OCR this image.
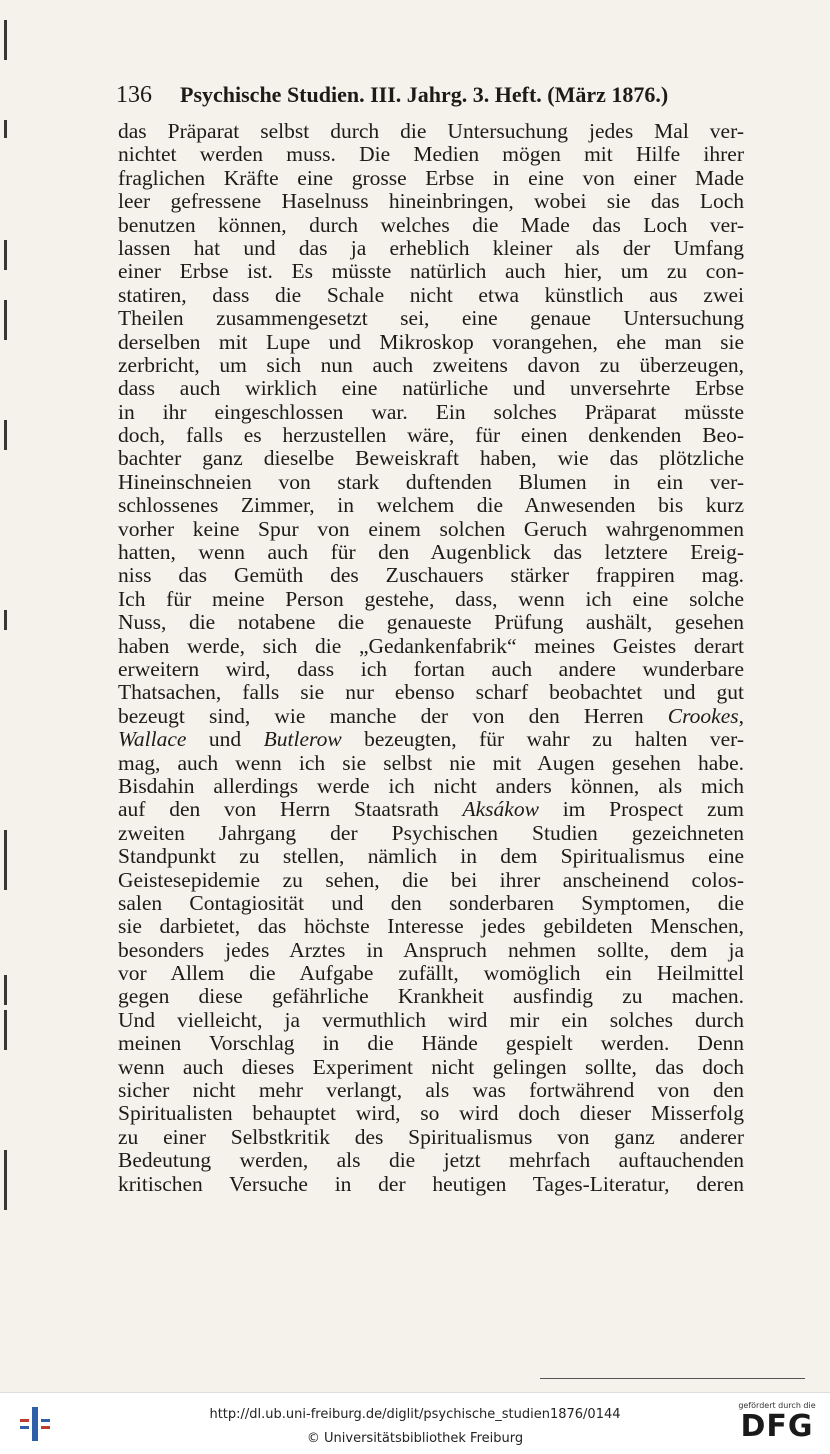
136 Psychische Studien. III. Jahrg. 3. Heft. (März 1876.)
das Präparat selbst durch die Untersuchung jedes Mal ver-
nichtet werden muss. Die Medien mögen mit Hilfe ihrer
fraglichen Kräfte eine grosse Erbse in eine von einer Made
leer gefressene Haselnuss hineinbringen, wobei sie das Loch
benutzen können, durch welches die Made das Loch ver-
lassen hat und das ja erheblich kleiner als der Umfang
einer Erbse ist. Es müsste natürlich auch hier, um zu con-
statiren, dass die Schale nicht etwa künstlich aus zwei
Theilen zusammengesetzt sei, eine genaue Untersuchung
derselben mit Lupe und Mikroskop vorangehen, ehe man sie
zerbricht, um sich nun auch zweitens davon zu überzeugen,
dass auch wirklich eine natürliche und unversehrte Erbse
in ihr eingeschlossen war. Ein solches Präparat müsste
doch, falls es herzustellen wäre, für einen denkenden Beo-
bachter ganz dieselbe Beweiskraft haben, wie das plötzliche
Hineinschneien von stark duftenden Blumen in ein ver-
schlossenes Zimmer, in welchem die Anwesenden bis kurz
vorher keine Spur von einem solchen Geruch wahrgenommen
hatten, wenn auch für den Augenblick das letztere Ereig-
niss das Gemüth des Zuschauers stärker frappiren mag.
Ich für meine Person gestehe, dass, wenn ich eine solche
Nuss, die notabene die genaueste Prüfung aushält, gesehen
haben werde, sich die „Gedankenfabrik“ meines Geistes derart
erweitern wird, dass ich fortan auch andere wunderbare
Thatsachen, falls sie nur ebenso scharf beobachtet und gut
bezeugt sind, wie manche der von den Herren Crookes,
Wallace und Butlerow bezeugten, für wahr zu halten ver-
mag, auch wenn ich sie selbst nie mit Augen gesehen habe.
Bisdahin allerdings werde ich nicht anders können, als mich
auf den von Herrn Staatsrath Aksákow im Prospect zum
zweiten Jahrgang der Psychischen Studien gezeichneten
Standpunkt zu stellen, nämlich in dem Spiritualismus eine
Geistesepidemie zu sehen, die bei ihrer anscheinend colos-
salen Contagiosität und den sonderbaren Symptomen, die
sie darbietet, das höchste Interesse jedes gebildeten Menschen,
besonders jedes Arztes in Anspruch nehmen sollte, dem ja
vor Allem die Aufgabe zufällt, womöglich ein Heilmittel
gegen diese gefährliche Krankheit ausfindig zu machen.
Und vielleicht, ja vermuthlich wird mir ein solches durch
meinen Vorschlag in die Hände gespielt werden. Denn
wenn auch dieses Experiment nicht gelingen sollte, das doch
sicher nicht mehr verlangt, als was fortwährend von den
Spiritualisten behauptet wird, so wird doch dieser Misserfolg
zu einer Selbstkritik des Spiritualismus von ganz anderer
Bedeutung werden, als die jetzt mehrfach auftauchenden
kritischen Versuche in der heutigen Tages-Literatur, deren
http://dl.ub.uni-freiburg.de/diglit/psychische_studien1876/0144
© Universitätsbibliothek Freiburg
gefördert durch die
DFG
